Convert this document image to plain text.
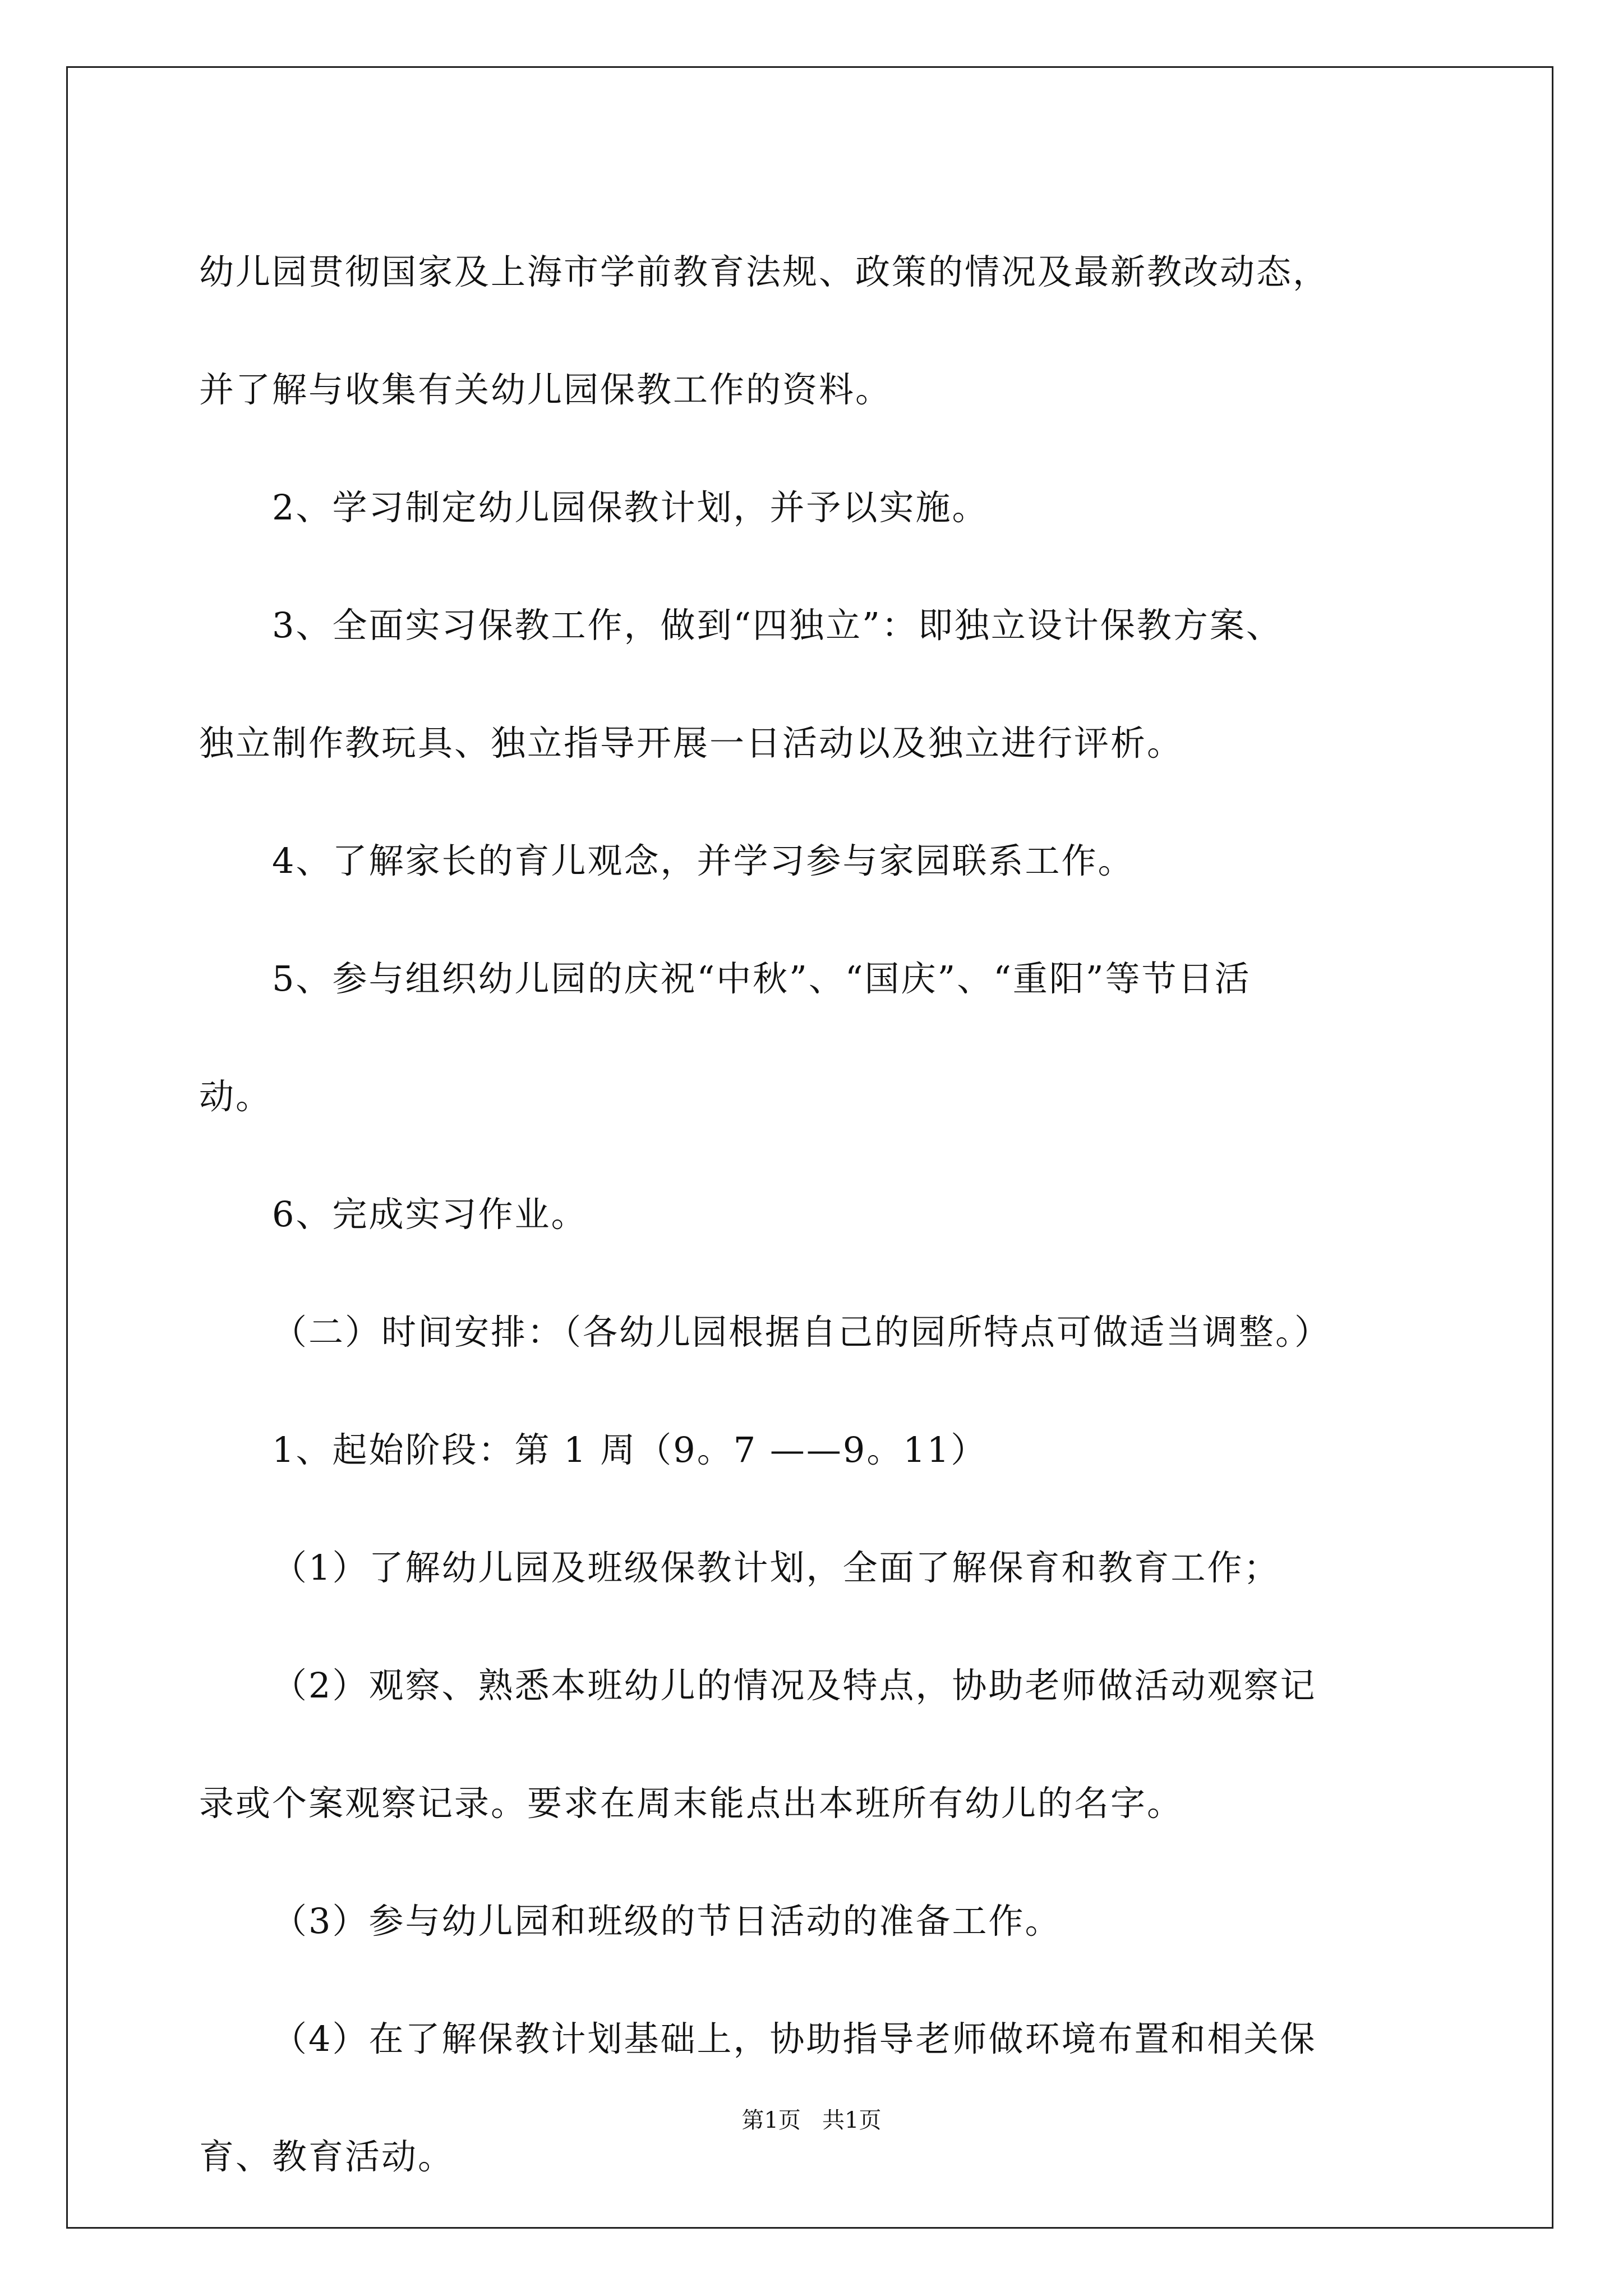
幼儿园贯彻国家及上海市学前教育法规、政策的情况及最新教改动态，

并了解与收集有关幼儿园保教工作的资料。

2、学习制定幼儿园保教计划，并予以实施。

3、全面实习保教工作，做到“四独立”：即独立设计保教方案、

独立制作教玩具、独立指导开展一日活动以及独立进行评析。

4、了解家长的育儿观念，并学习参与家园联系工作。

5、参与组织幼儿园的庆祝“中秋”、“国庆”、“重阳”等节日活

动。

6、完成实习作业。

（二）时间安排：（各幼儿园根据自己的园所特点可做适当调整。）

1、起始阶段：第 1 周（9。7 ——9。11）

（1）了解幼儿园及班级保教计划，全面了解保育和教育工作；

（2）观察、熟悉本班幼儿的情况及特点，协助老师做活动观察记

录或个案观察记录。要求在周末能点出本班所有幼儿的名字。

（3）参与幼儿园和班级的节日活动的准备工作。

（4）在了解保教计划基础上，协助指导老师做环境布置和相关保

育、教育活动。

第1页   共1页
